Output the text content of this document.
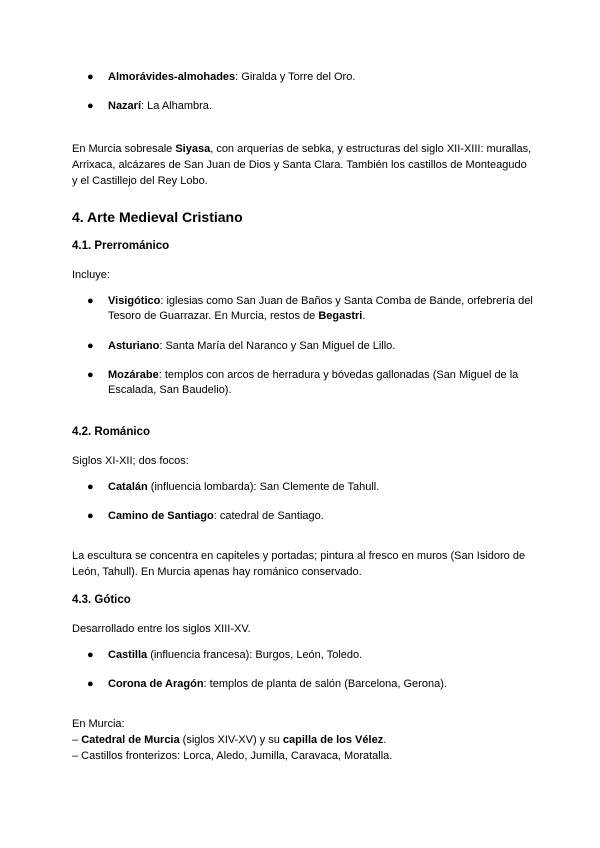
● Almorávides-almohades: Giralda y Torre del Oro.
● Nazarí: La Alhambra.
En Murcia sobresale Siyasa, con arquerías de sebka, y estructuras del siglo XII-XIII: murallas, Arrixaca, alcázares de San Juan de Dios y Santa Clara. También los castillos de Monteagudo y el Castillejo del Rey Lobo.
4. Arte Medieval Cristiano
4.1. Prerrománico
Incluye:
● Visigótico: iglesias como San Juan de Baños y Santa Comba de Bande, orfebrería del Tesoro de Guarrazar. En Murcia, restos de Begastri.
● Asturiano: Santa María del Naranco y San Miguel de Lillo.
● Mozárabe: templos con arcos de herradura y bóvedas gallonadas (San Miguel de la Escalada, San Baudelio).
4.2. Románico
Siglos XI-XII; dos focos:
● Catalán (influencia lombarda): San Clemente de Tahull.
● Camino de Santiago: catedral de Santiago.
La escultura se concentra en capiteles y portadas; pintura al fresco en muros (San Isidoro de León, Tahull). En Murcia apenas hay románico conservado.
4.3. Gótico
Desarrollado entre los siglos XIII-XV.
● Castilla (influencia francesa): Burgos, León, Toledo.
● Corona de Aragón: templos de planta de salón (Barcelona, Gerona).
En Murcia:
– Catedral de Murcia (siglos XIV-XV) y su capilla de los Vélez.
– Castillos fronterizos: Lorca, Aledo, Jumilla, Caravaca, Moratalla.
